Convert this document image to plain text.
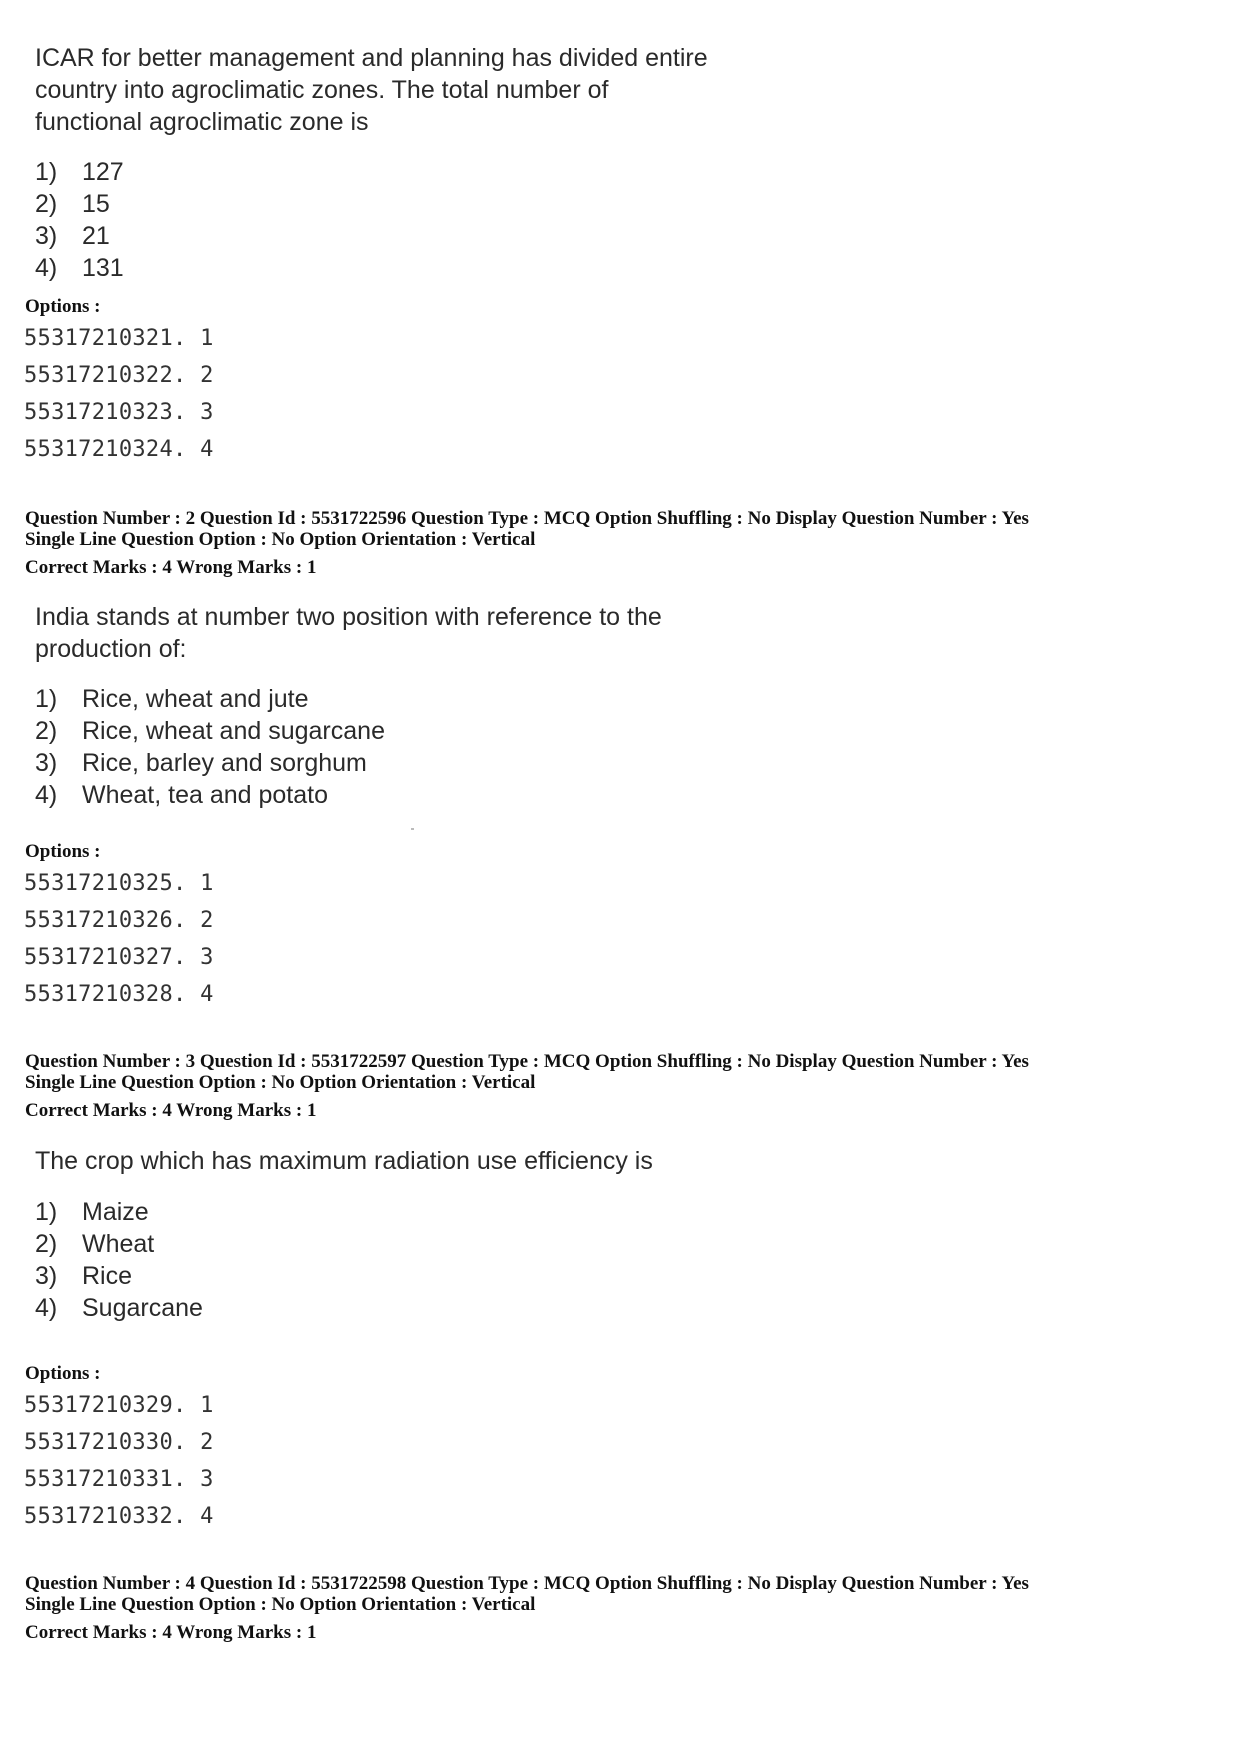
ICAR for better management and planning has divided entire
country into agroclimatic zones. The total number of
functional agroclimatic zone is
1) 127
2) 15
3) 21
4) 131
Options :
55317210321. 1
55317210322. 2
55317210323. 3
55317210324. 4
Question Number : 2 Question Id : 5531722596 Question Type : MCQ Option Shuffling : No Display Question Number : Yes
Single Line Question Option : No Option Orientation : Vertical
Correct Marks : 4 Wrong Marks : 1
India stands at number two position with reference to the
production of:
1) Rice, wheat and jute
2) Rice, wheat and sugarcane
3) Rice, barley and sorghum
4) Wheat, tea and potato
Options :
55317210325. 1
55317210326. 2
55317210327. 3
55317210328. 4
Question Number : 3 Question Id : 5531722597 Question Type : MCQ Option Shuffling : No Display Question Number : Yes
Single Line Question Option : No Option Orientation : Vertical
Correct Marks : 4 Wrong Marks : 1
The crop which has maximum radiation use efficiency is
1) Maize
2) Wheat
3) Rice
4) Sugarcane
Options :
55317210329. 1
55317210330. 2
55317210331. 3
55317210332. 4
Question Number : 4 Question Id : 5531722598 Question Type : MCQ Option Shuffling : No Display Question Number : Yes
Single Line Question Option : No Option Orientation : Vertical
Correct Marks : 4 Wrong Marks : 1
